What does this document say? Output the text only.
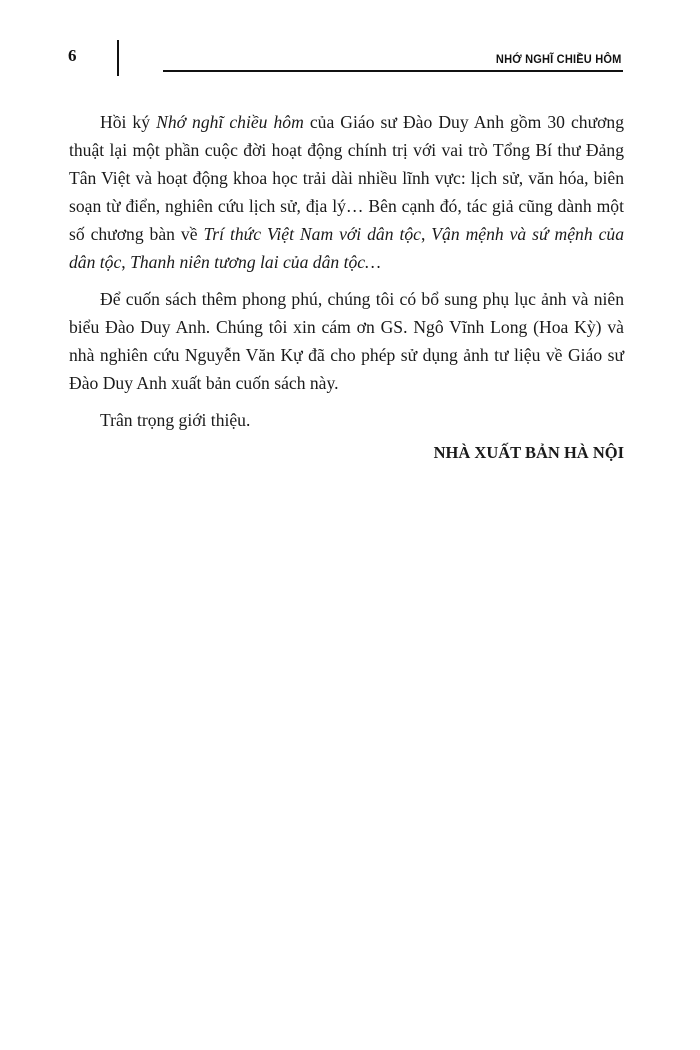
6	NHỚ NGHĨ CHIỀU HÔM

Hồi ký Nhớ nghĩ chiều hôm của Giáo sư Đào Duy Anh gồm 30 chương thuật lại một phần cuộc đời hoạt động chính trị với vai trò Tổng Bí thư Đảng Tân Việt và hoạt động khoa học trải dài nhiều lĩnh vực: lịch sử, văn hóa, biên soạn từ điển, nghiên cứu lịch sử, địa lý… Bên cạnh đó, tác giả cũng dành một số chương bàn về Trí thức Việt Nam với dân tộc, Vận mệnh và sứ mệnh của dân tộc, Thanh niên tương lai của dân tộc…

Để cuốn sách thêm phong phú, chúng tôi có bổ sung phụ lục ảnh và niên biểu Đào Duy Anh. Chúng tôi xin cám ơn GS. Ngô Vĩnh Long (Hoa Kỳ) và nhà nghiên cứu Nguyễn Văn Kự đã cho phép sử dụng ảnh tư liệu về Giáo sư Đào Duy Anh xuất bản cuốn sách này.

Trân trọng giới thiệu.

NHÀ XUẤT BẢN HÀ NỘI
